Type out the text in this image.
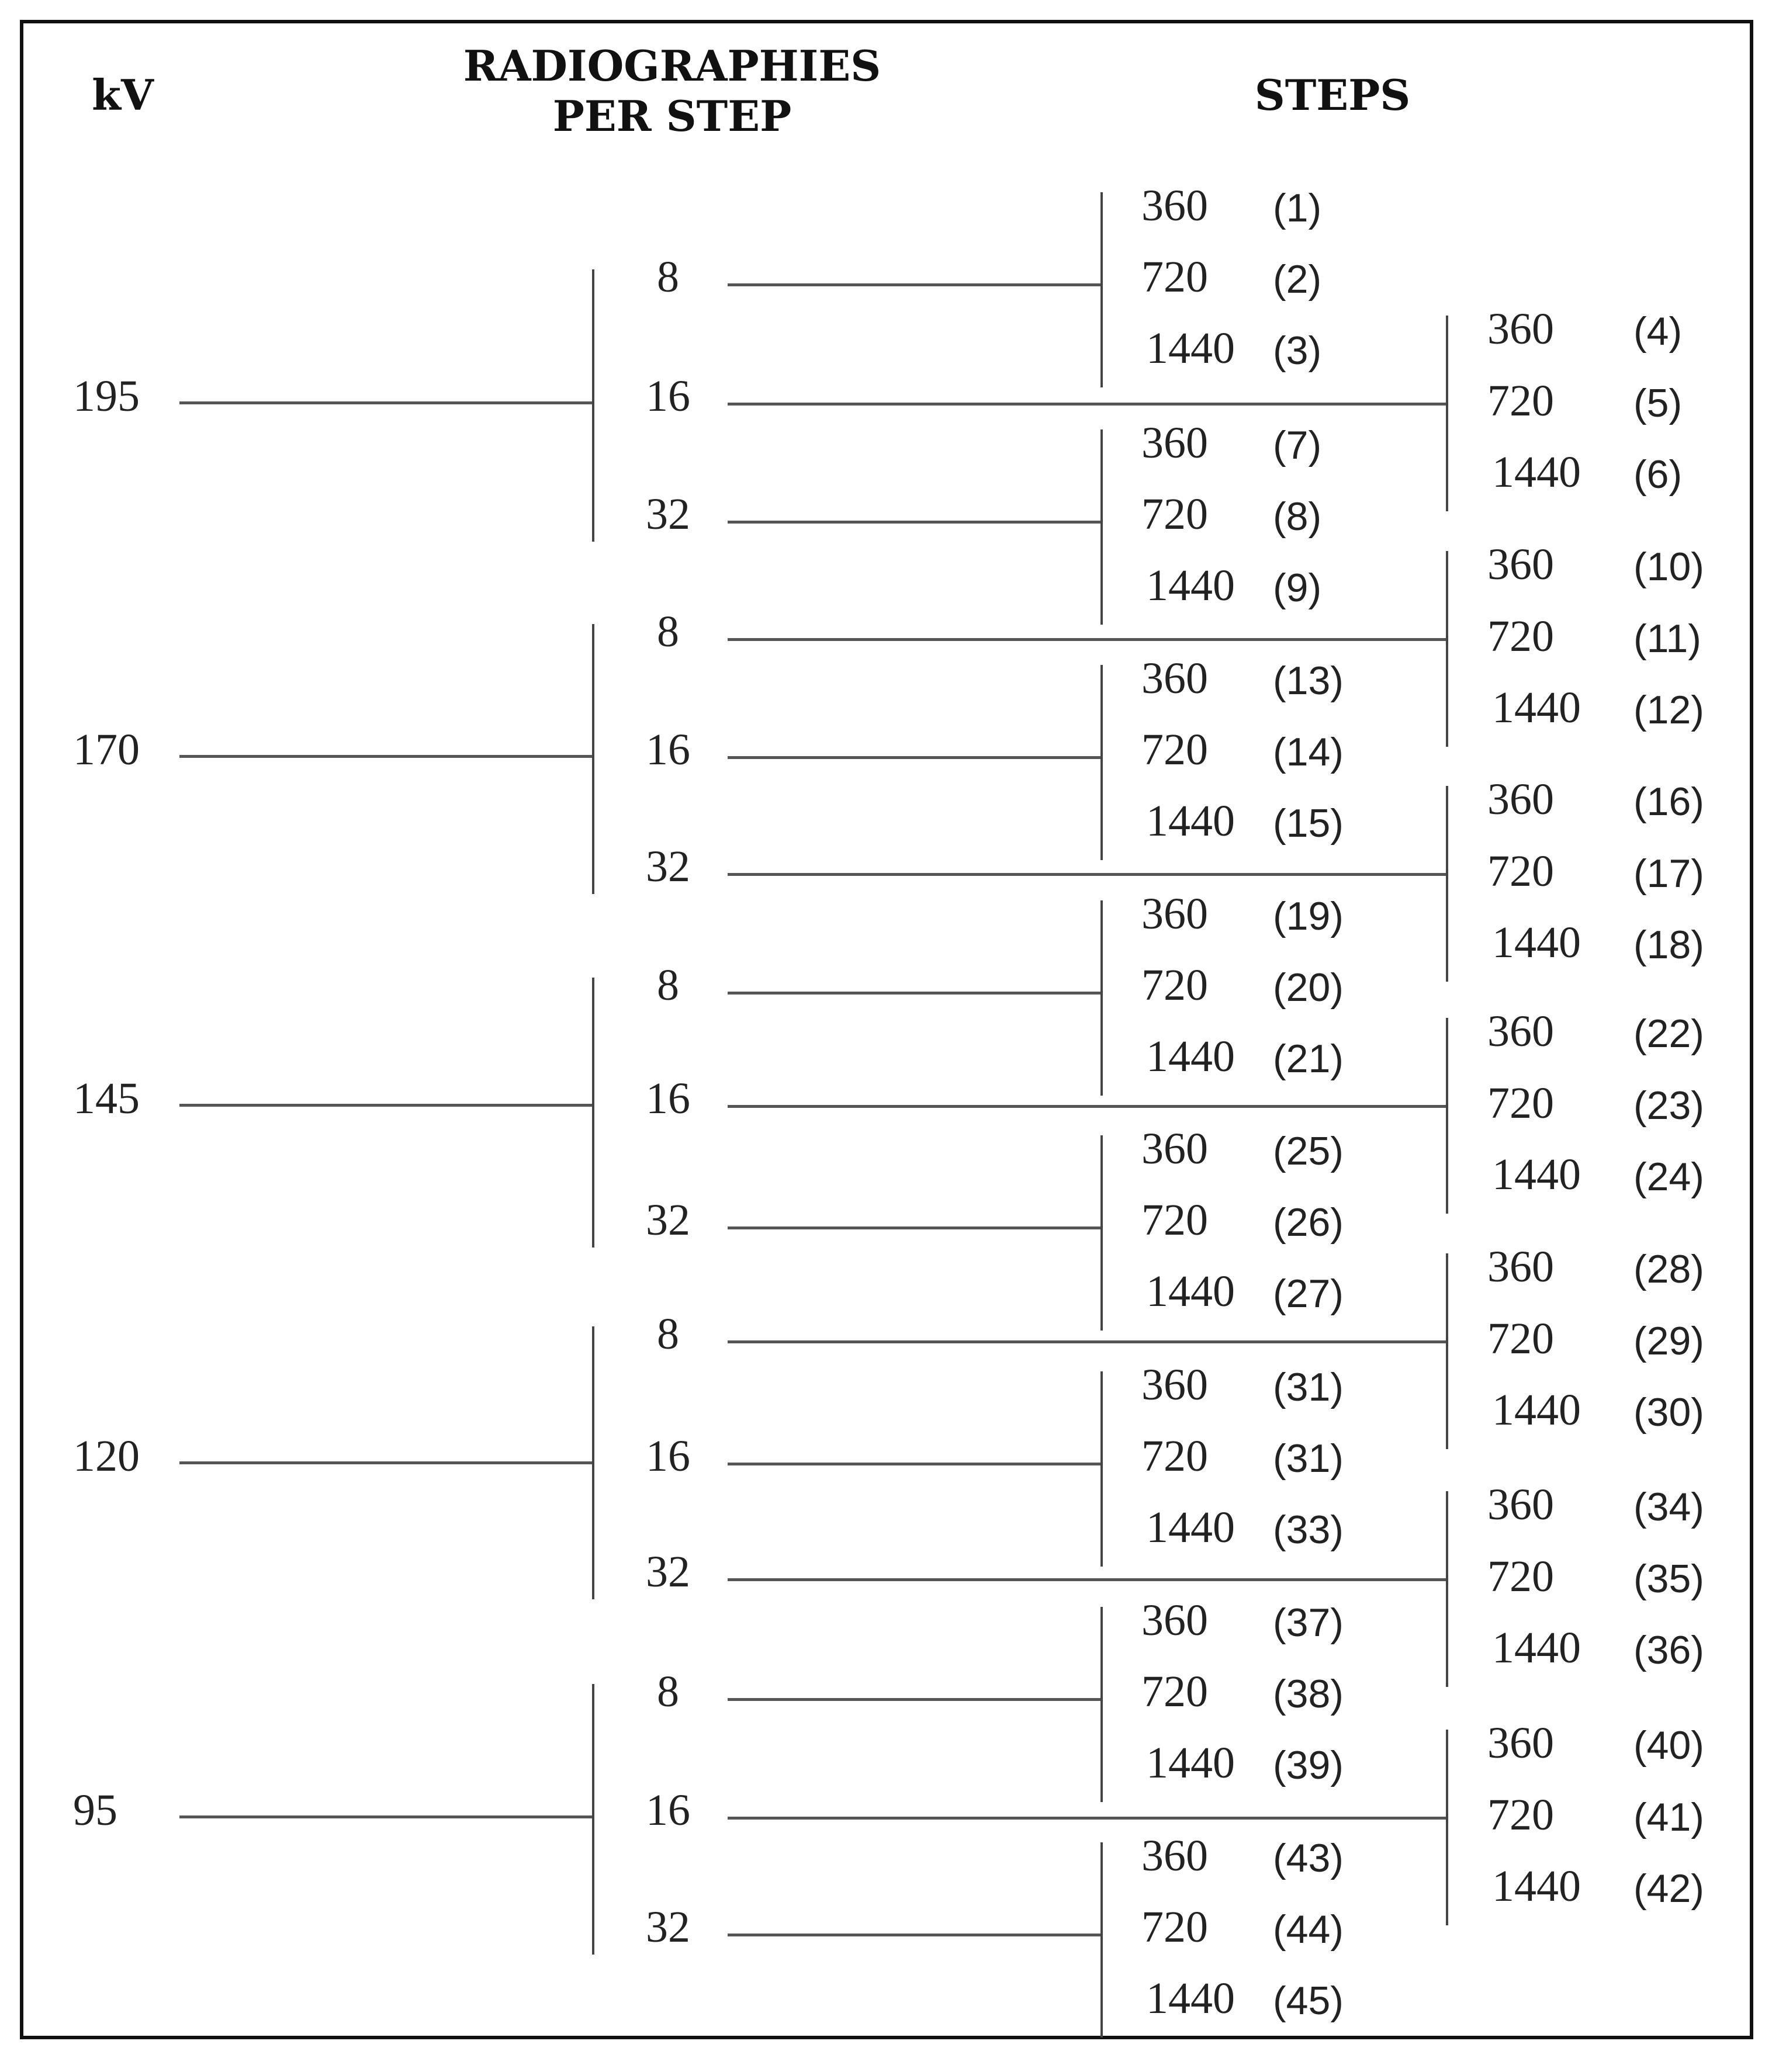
kV
RADIOGRAPHIES
PER STEP	STEPS
195
170
145
120
95
8
360 (1)
720 (2)
1440 (3)
16
360 (4)
720 (5)
1440 (6)
32
360 (7)
720 (8)
1440 (9)
8
360 (10)
720 (11)
1440 (12)
16
360 (13)
720 (14)
1440 (15)
32
360 (16)
720 (17)
1440 (18)
8
360 (19)
720 (20)
1440 (21)
16
360 (22)
720 (23)
1440 (24)
32
360 (25)
720 (26)
1440 (27)
8
360 (28)
720 (29)
1440 (30)
16
360 (31)
720 (31)
1440 (33)
32
360 (34)
720 (35)
1440 (36)
8
360 (37)
720 (38)
1440 (39)
16
360 (40)
720 (41)
1440 (42)
32
360 (43)
720 (44)
1440 (45)
